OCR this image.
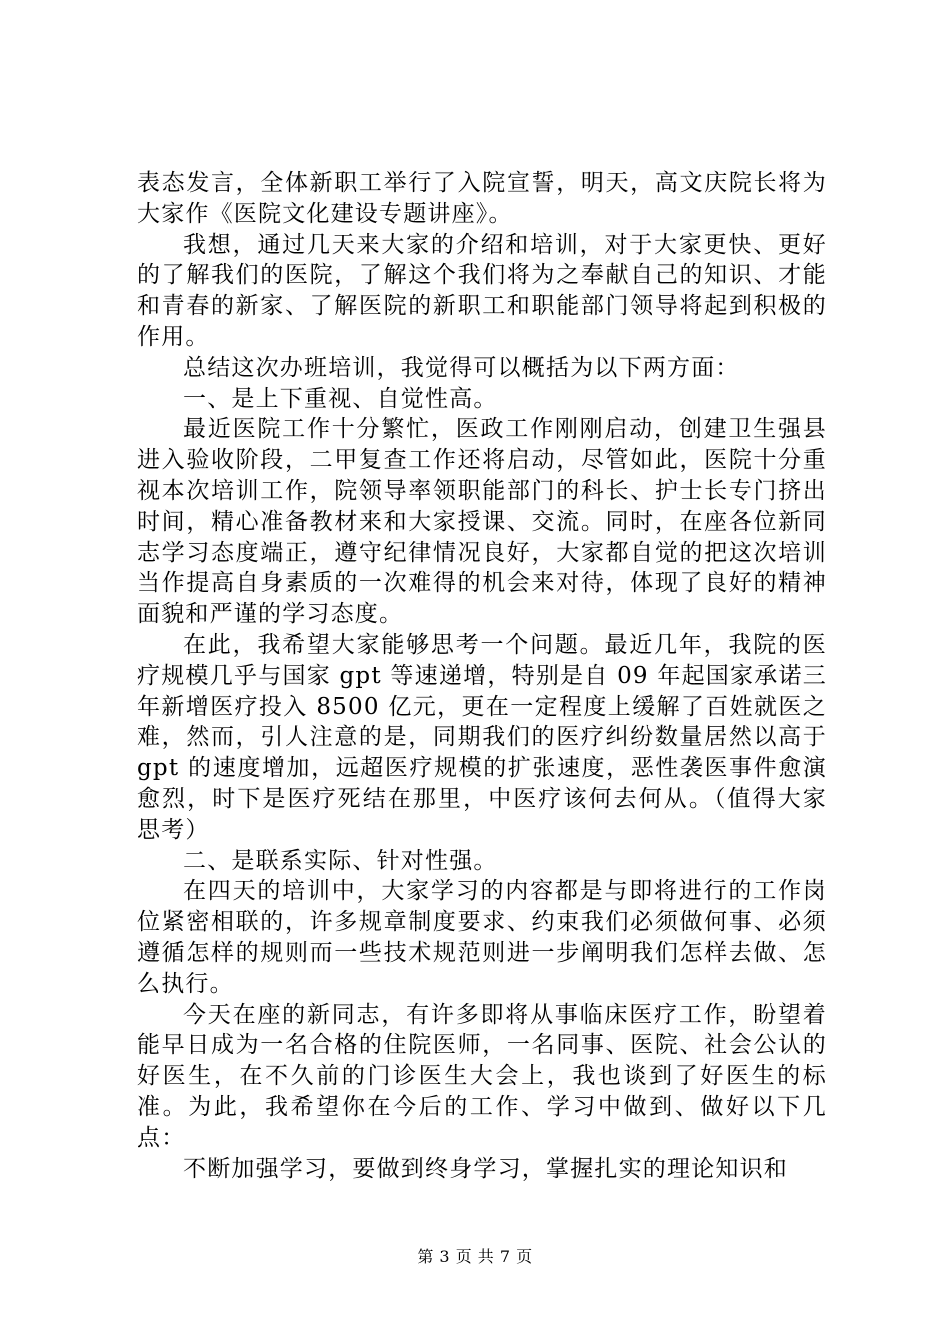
表态发言，全体新职工举行了入院宣誓，明天，高文庆院长将为大家作《医院文化建设专题讲座》。

我想，通过几天来大家的介绍和培训，对于大家更快、更好的了解我们的医院，了解这个我们将为之奉献自己的知识、才能和青春的新家、了解医院的新职工和职能部门领导将起到积极的作用。

总结这次办班培训，我觉得可以概括为以下两方面：

一、是上下重视、自觉性高。

最近医院工作十分繁忙，医政工作刚刚启动，创建卫生强县进入验收阶段，二甲复查工作还将启动，尽管如此，医院十分重视本次培训工作，院领导率领职能部门的科长、护士长专门挤出时间，精心准备教材来和大家授课、交流。同时，在座各位新同志学习态度端正，遵守纪律情况良好，大家都自觉的把这次培训当作提高自身素质的一次难得的机会来对待，体现了良好的精神面貌和严谨的学习态度。

在此，我希望大家能够思考一个问题。最近几年，我院的医疗规模几乎与国家 gpt 等速递增，特别是自 09 年起国家承诺三年新增医疗投入 8500 亿元，更在一定程度上缓解了百姓就医之难，然而，引人注意的是，同期我们的医疗纠纷数量居然以高于 gpt 的速度增加，远超医疗规模的扩张速度，恶性袭医事件愈演愈烈，时下是医疗死结在那里，中医疗该何去何从。（值得大家思考）

二、是联系实际、针对性强。

在四天的培训中，大家学习的内容都是与即将进行的工作岗位紧密相联的，许多规章制度要求、约束我们必须做何事、必须遵循怎样的规则而一些技术规范则进一步阐明我们怎样去做、怎么执行。

今天在座的新同志，有许多即将从事临床医疗工作，盼望着能早日成为一名合格的住院医师，一名同事、医院、社会公认的好医生，在不久前的门诊医生大会上，我也谈到了好医生的标准。为此，我希望你在今后的工作、学习中做到、做好以下几点：

不断加强学习，要做到终身学习，掌握扎实的理论知识和

第 3 页 共 7 页
